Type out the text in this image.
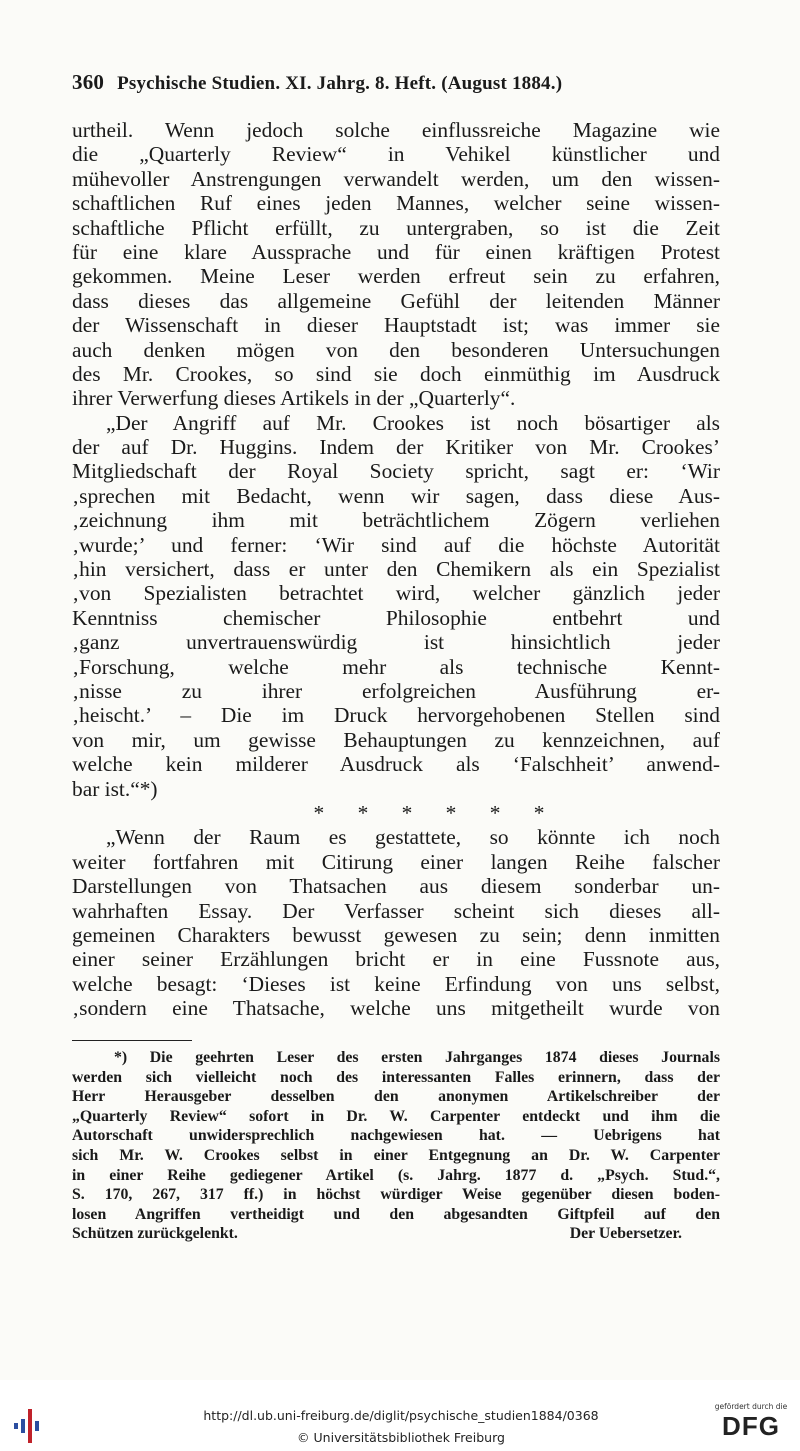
360 Psychische Studien. XI. Jahrg. 8. Heft. (August 1884.)
urtheil. Wenn jedoch solche einflussreiche Magazine wie
die „Quarterly Review“ in Vehikel künstlicher und
mühevoller Anstrengungen verwandelt werden, um den wissen-
schaftlichen Ruf eines jeden Mannes, welcher seine wissen-
schaftliche Pflicht erfüllt, zu untergraben, so ist die Zeit
für eine klare Aussprache und für einen kräftigen Protest
gekommen. Meine Leser werden erfreut sein zu erfahren,
dass dieses das allgemeine Gefühl der leitenden Männer
der Wissenschaft in dieser Hauptstadt ist; was immer sie
auch denken mögen von den besonderen Untersuchungen
des Mr. Crookes, so sind sie doch einmüthig im Ausdruck
ihrer Verwerfung dieses Artikels in der „Quarterly“.
„Der Angriff auf Mr. Crookes ist noch bösartiger als
der auf Dr. Huggins. Indem der Kritiker von Mr. Crookes’
Mitgliedschaft der Royal Society spricht, sagt er: ‘Wir
‚sprechen mit Bedacht, wenn wir sagen, dass diese Aus-
‚zeichnung ihm mit beträchtlichem Zögern verliehen
‚wurde;’ und ferner: ‘Wir sind auf die höchste Autorität
‚hin versichert, dass er unter den Chemikern als ein Spezialist
‚von Spezialisten betrachtet wird, welcher gänzlich jeder
Kenntniss chemischer Philosophie entbehrt und
‚ganz unvertrauenswürdig ist hinsichtlich jeder
‚Forschung, welche mehr als technische Kennt-
‚nisse zu ihrer erfolgreichen Ausführung er-
‚heischt.’ – Die im Druck hervorgehobenen Stellen sind
von mir, um gewisse Behauptungen zu kennzeichnen, auf
welche kein milderer Ausdruck als ‘Falschheit’ anwend-
bar ist.“*)
* * * * * *
„Wenn der Raum es gestattete, so könnte ich noch
weiter fortfahren mit Citirung einer langen Reihe falscher
Darstellungen von Thatsachen aus diesem sonderbar un-
wahrhaften Essay. Der Verfasser scheint sich dieses all-
gemeinen Charakters bewusst gewesen zu sein; denn inmitten
einer seiner Erzählungen bricht er in eine Fussnote aus,
welche besagt: ‘Dieses ist keine Erfindung von uns selbst,
‚sondern eine Thatsache, welche uns mitgetheilt wurde von
*) Die geehrten Leser des ersten Jahrganges 1874 dieses Journals
werden sich vielleicht noch des interessanten Falles erinnern, dass der
Herr Herausgeber desselben den anonymen Artikelschreiber der
„Quarterly Review“ sofort in Dr. W. Carpenter entdeckt und ihm die
Autorschaft unwidersprechlich nachgewiesen hat. — Uebrigens hat
sich Mr. W. Crookes selbst in einer Entgegnung an Dr. W. Carpenter
in einer Reihe gediegener Artikel (s. Jahrg. 1877 d. „Psych. Stud.“,
S. 170, 267, 317 ff.) in höchst würdiger Weise gegenüber diesen boden-
losen Angriffen vertheidigt und den abgesandten Giftpfeil auf den
Schützen zurückgelenkt.	Der Uebersetzer.
http://dl.ub.uni-freiburg.de/diglit/psychische_studien1884/0368
© Universitätsbibliothek Freiburg
gefördert durch die
DFG
